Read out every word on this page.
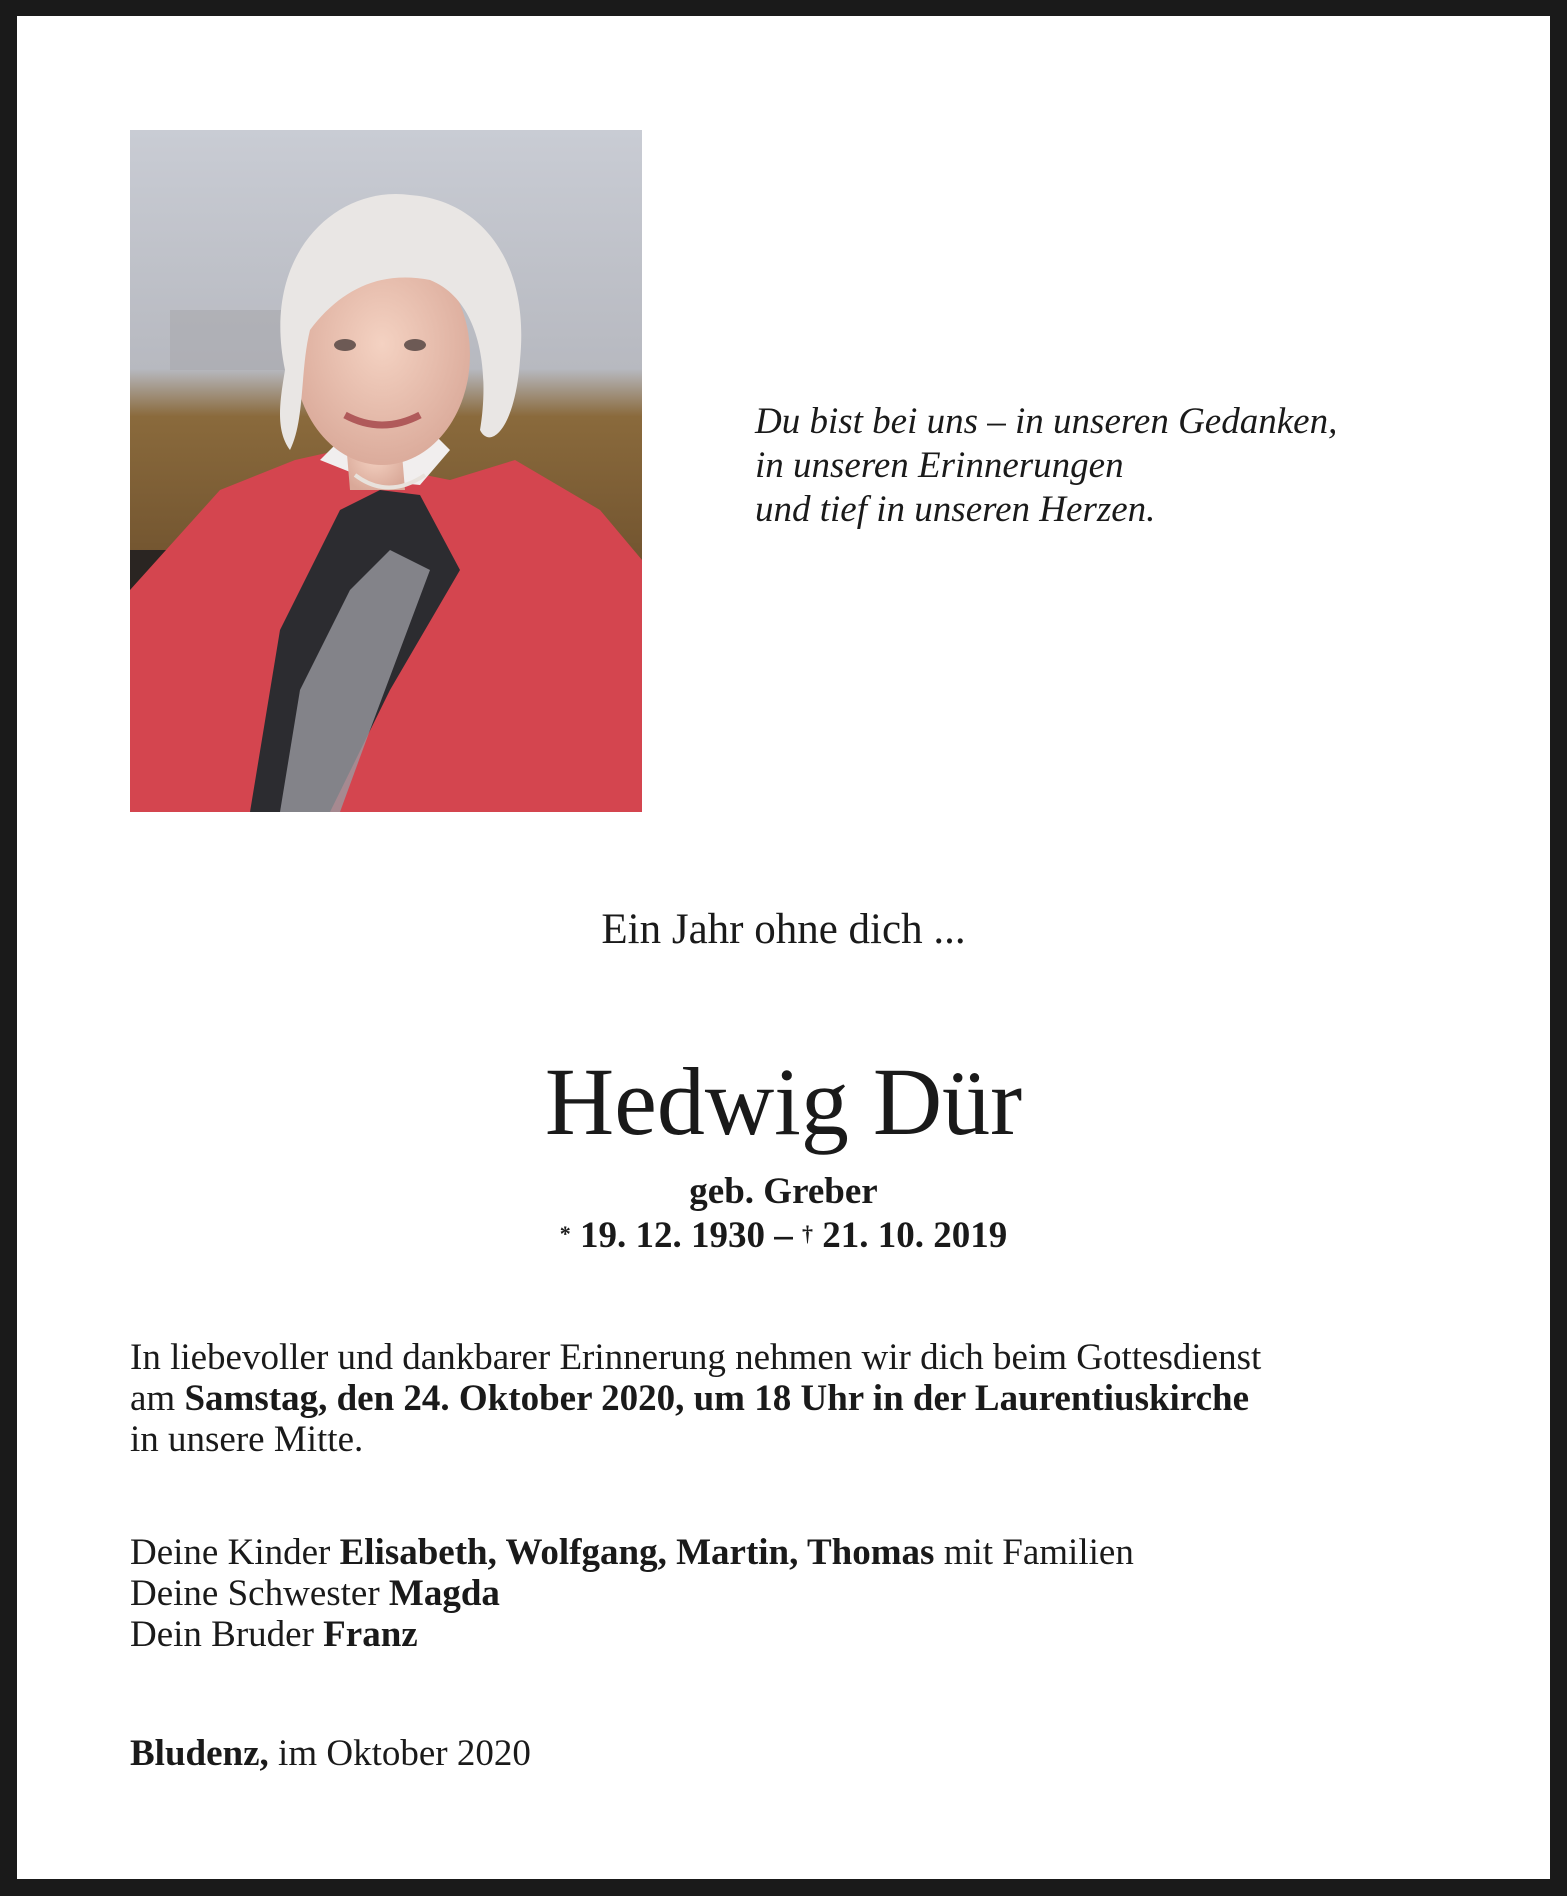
Du bist bei uns – in unseren Gedanken,
in unseren Erinnerungen
und tief in unseren Herzen.
Ein Jahr ohne dich ...
Hedwig Dür
geb. Greber
* 19. 12. 1930 – † 21. 10. 2019
In liebevoller und dankbarer Erinnerung nehmen wir dich beim Gottesdienst
am Samstag, den 24. Oktober 2020, um 18 Uhr in der Laurentiuskirche
in unsere Mitte.
Deine Kinder Elisabeth, Wolfgang, Martin, Thomas mit Familien
Deine Schwester Magda
Dein Bruder Franz
Bludenz, im Oktober 2020
